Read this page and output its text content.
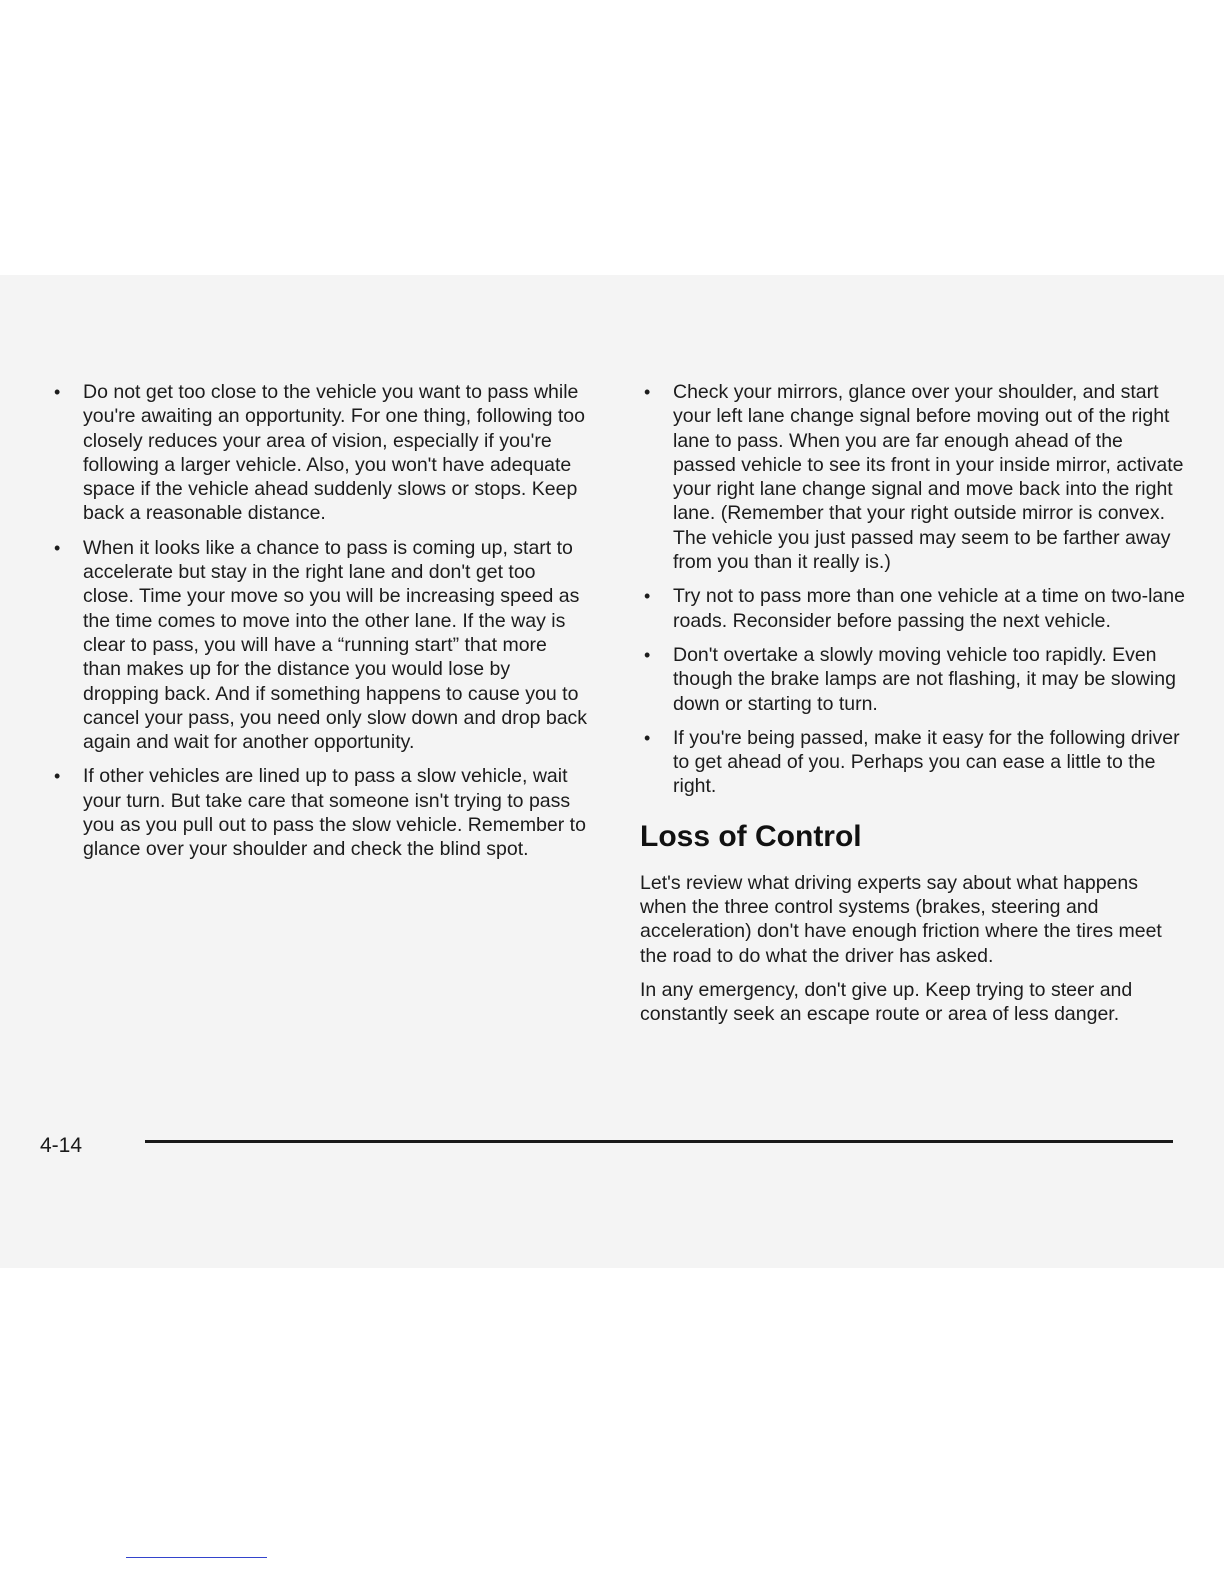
• Do not get too close to the vehicle you want to pass while you're awaiting an opportunity. For one thing, following too closely reduces your area of vision, especially if you're following a larger vehicle. Also, you won't have adequate space if the vehicle ahead suddenly slows or stops. Keep back a reasonable distance.
• When it looks like a chance to pass is coming up, start to accelerate but stay in the right lane and don't get too close. Time your move so you will be increasing speed as the time comes to move into the other lane. If the way is clear to pass, you will have a “running start” that more than makes up for the distance you would lose by dropping back. And if something happens to cause you to cancel your pass, you need only slow down and drop back again and wait for another opportunity.
• If other vehicles are lined up to pass a slow vehicle, wait your turn. But take care that someone isn't trying to pass you as you pull out to pass the slow vehicle. Remember to glance over your shoulder and check the blind spot.
• Check your mirrors, glance over your shoulder, and start your left lane change signal before moving out of the right lane to pass. When you are far enough ahead of the passed vehicle to see its front in your inside mirror, activate your right lane change signal and move back into the right lane. (Remember that your right outside mirror is convex. The vehicle you just passed may seem to be farther away from you than it really is.)
• Try not to pass more than one vehicle at a time on two-lane roads. Reconsider before passing the next vehicle.
• Don't overtake a slowly moving vehicle too rapidly. Even though the brake lamps are not flashing, it may be slowing down or starting to turn.
• If you're being passed, make it easy for the following driver to get ahead of you. Perhaps you can ease a little to the right.
Loss of Control

Let's review what driving experts say about what happens when the three control systems (brakes, steering and acceleration) don't have enough friction where the tires meet the road to do what the driver has asked.

In any emergency, don't give up. Keep trying to steer and constantly seek an escape route or area of less danger.

4-14
